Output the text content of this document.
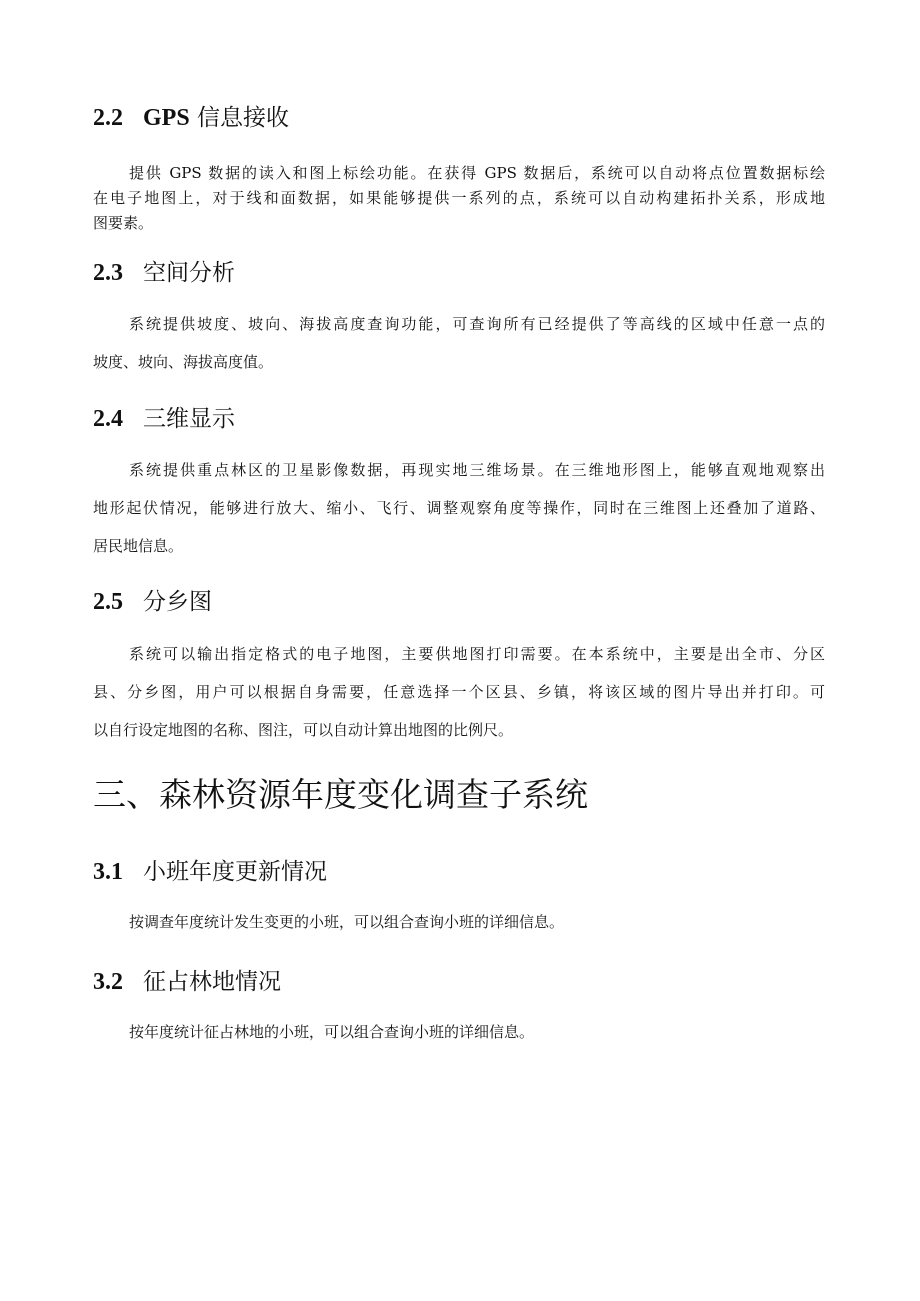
2.2 GPS 信息接收
提供 GPS 数据的读入和图上标绘功能。在获得 GPS 数据后，系统可以自动将点位置数据标绘
在电子地图上，对于线和面数据，如果能够提供一系列的点，系统可以自动构建拓扑关系，形成地
图要素。
2.3 空间分析
系统提供坡度、坡向、海拔高度查询功能，可查询所有已经提供了等高线的区域中任意一点的
坡度、坡向、海拔高度值。
2.4 三维显示
系统提供重点林区的卫星影像数据，再现实地三维场景。在三维地形图上，能够直观地观察出
地形起伏情况，能够进行放大、缩小、飞行、调整观察角度等操作，同时在三维图上还叠加了道路、
居民地信息。
2.5 分乡图
系统可以输出指定格式的电子地图，主要供地图打印需要。在本系统中，主要是出全市、分区
县、分乡图，用户可以根据自身需要，任意选择一个区县、乡镇，将该区域的图片导出并打印。可
以自行设定地图的名称、图注，可以自动计算出地图的比例尺。
三、森林资源年度变化调查子系统
3.1 小班年度更新情况
按调查年度统计发生变更的小班，可以组合查询小班的详细信息。
3.2 征占林地情况
按年度统计征占林地的小班，可以组合查询小班的详细信息。
